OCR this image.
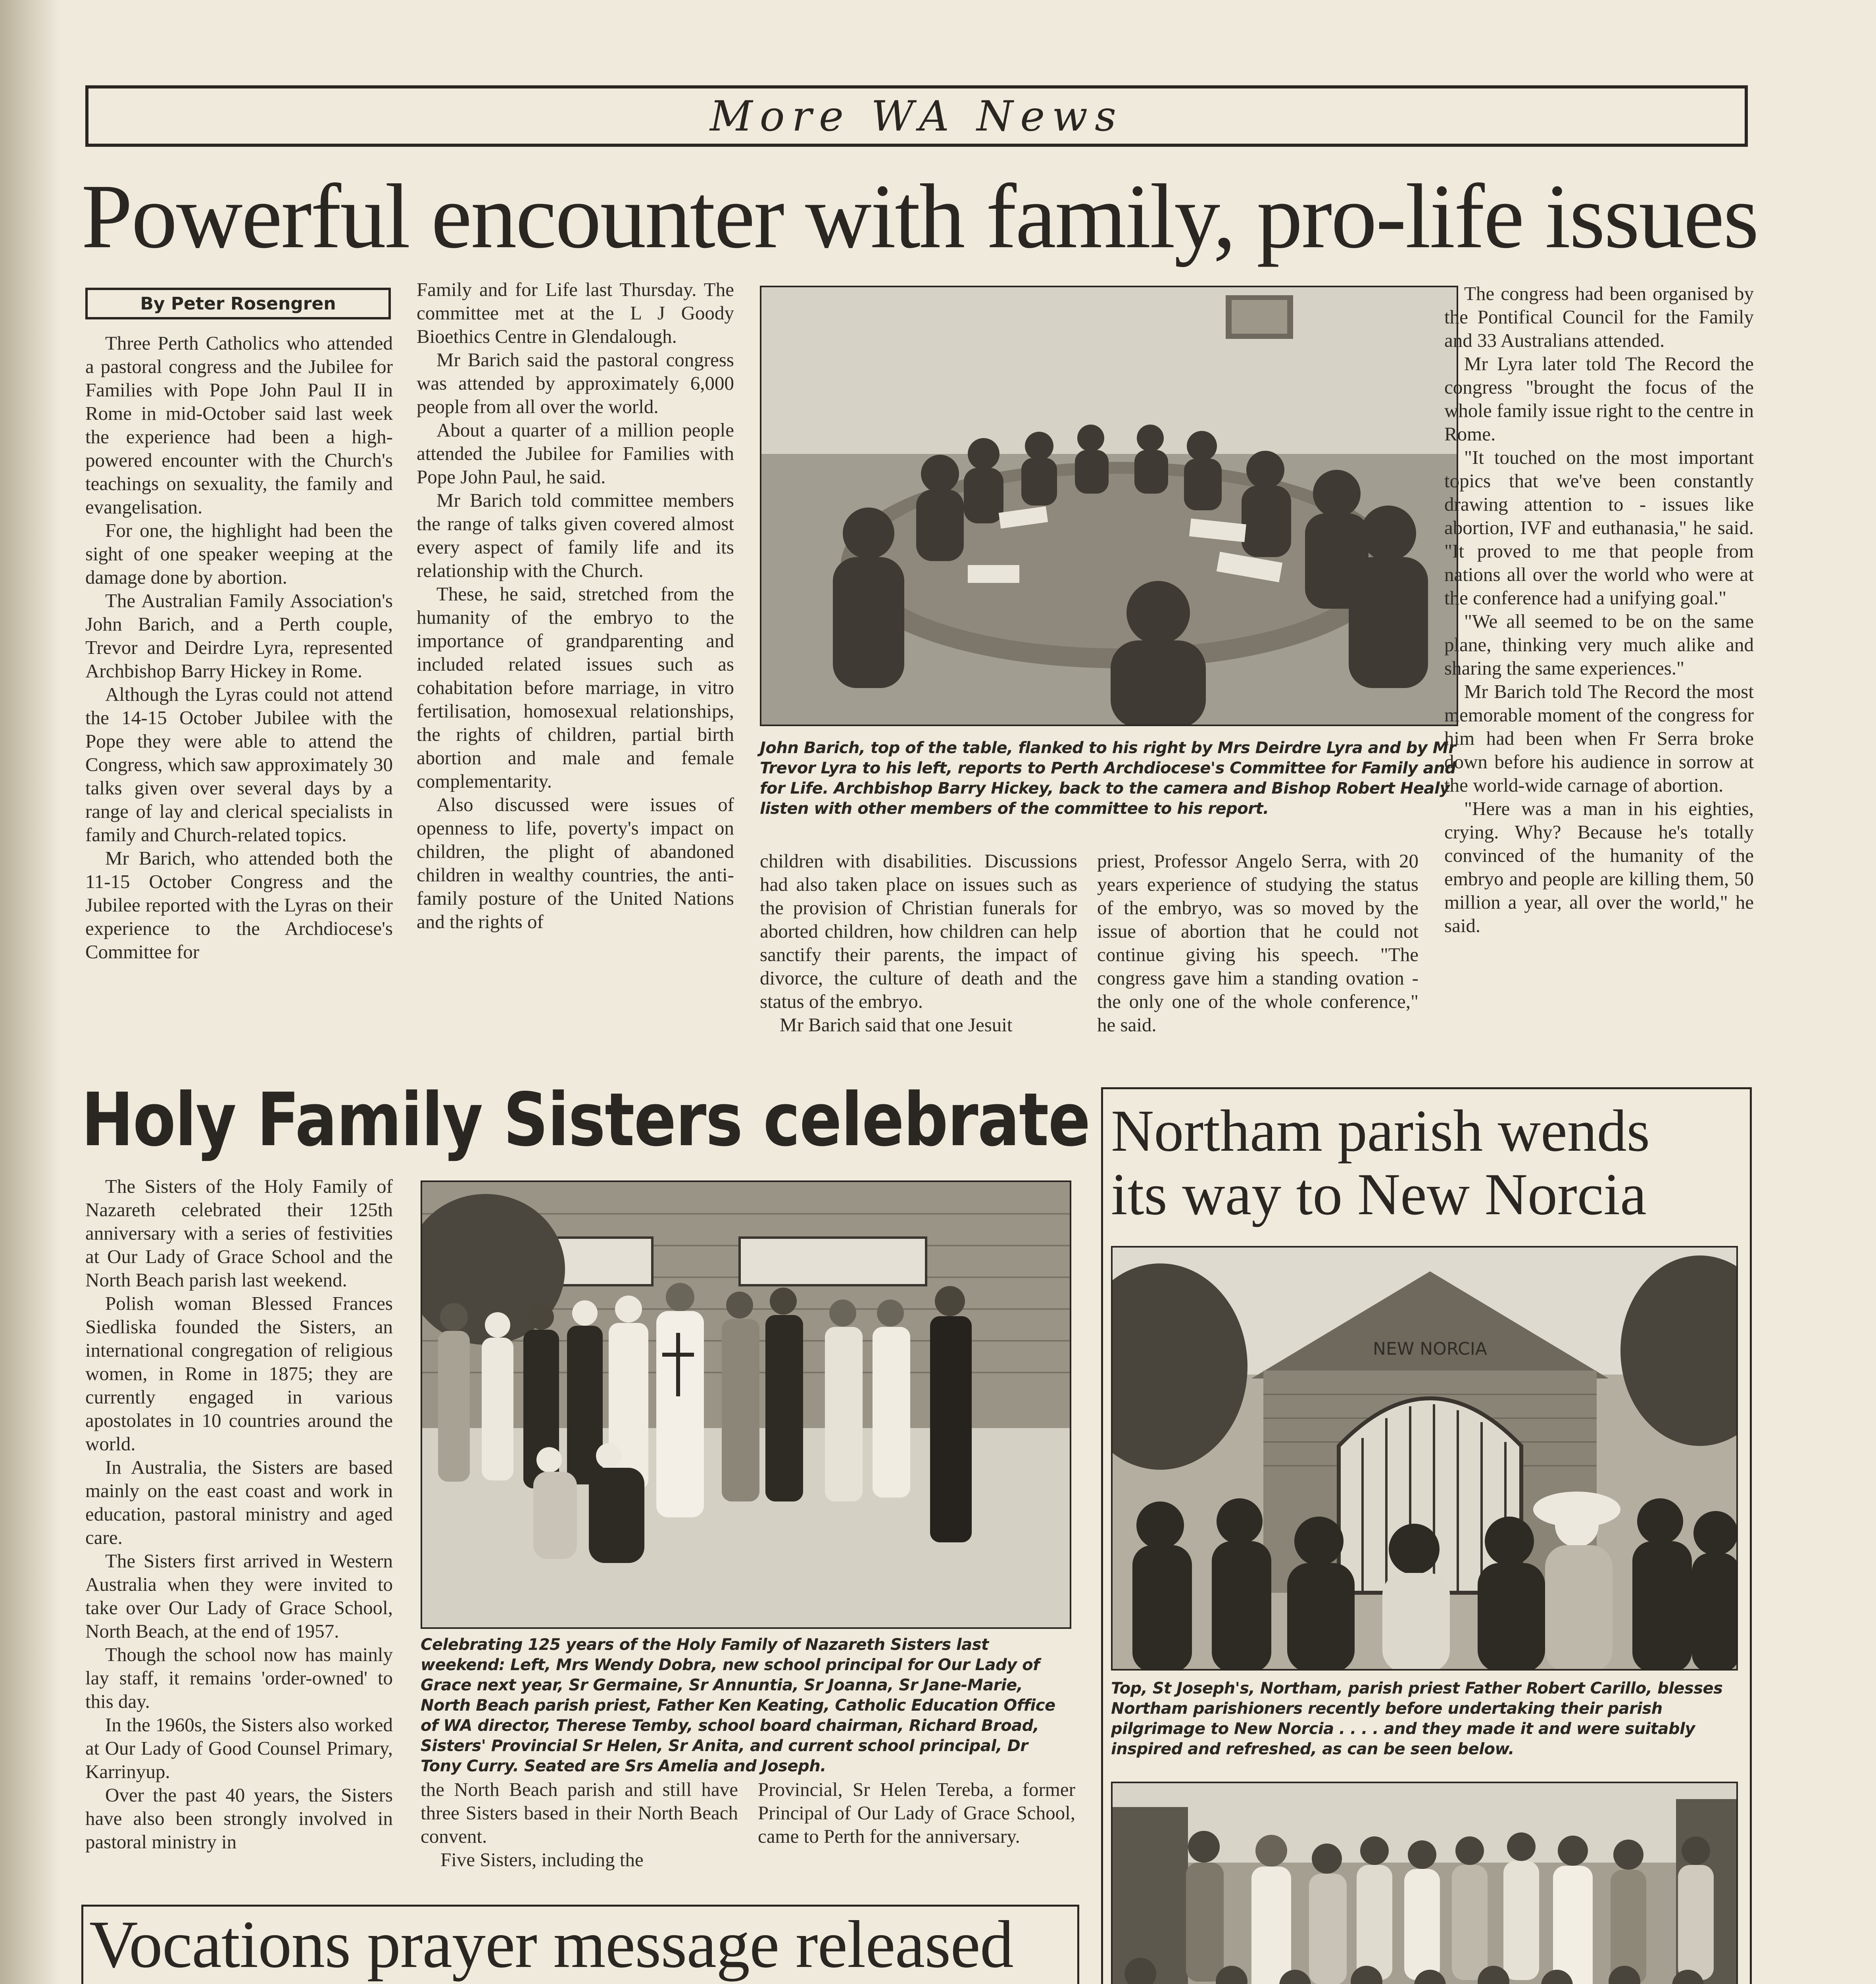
More WA News
Powerful encounter with family, pro-life issues
By Peter Rosengren

Three Perth Catholics who attended a pastoral congress and the Jubilee for Families with Pope John Paul II in Rome in mid-October said last week the experience had been a high-powered encounter with the Church's teachings on sexuality, the family and evangelisation.

For one, the highlight had been the sight of one speaker weeping at the damage done by abortion.

The Australian Family Association's John Barich, and a Perth couple, Trevor and Deirdre Lyra, represented Archbishop Barry Hickey in Rome.

Although the Lyras could not attend the 14-15 October Jubilee with the Pope they were able to attend the Congress, which saw approximately 30 talks given over several days by a range of lay and clerical specialists in family and Church-related topics.

Mr Barich, who attended both the 11-15 October Congress and the Jubilee reported with the Lyras on their experience to the Archdiocese's Committee for

Family and for Life last Thursday. The committee met at the L J Goody Bioethics Centre in Glendalough.

Mr Barich said the pastoral congress was attended by approximately 6,000 people from all over the world.

About a quarter of a million people attended the Jubilee for Families with Pope John Paul, he said.

Mr Barich told committee members the range of talks given covered almost every aspect of family life and its relationship with the Church.

These, he said, stretched from the humanity of the embryo to the importance of grandparenting and included related issues such as cohabitation before marriage, in vitro fertilisation, homosexual relationships, the rights of children, partial birth abortion and male and female complementarity.

Also discussed were issues of openness to life, poverty's impact on children, the plight of abandoned children in wealthy countries, the anti-family posture of the United Nations and the rights of

John Barich, top of the table, flanked to his right by Mrs Deirdre Lyra and by Mr Trevor Lyra to his left, reports to Perth Archdiocese's Committee for Family and for Life. Archbishop Barry Hickey, back to the camera and Bishop Robert Healy listen with other members of the committee to his report.

children with disabilities. Discussions had also taken place on issues such as the provision of Christian funerals for aborted children, how children can help sanctify their parents, the impact of divorce, the culture of death and the status of the embryo.

Mr Barich said that one Jesuit

priest, Professor Angelo Serra, with 20 years experience of studying the status of the embryo, was so moved by the issue of abortion that he could not continue giving his speech. "The congress gave him a standing ovation - the only one of the whole conference," he said.

The congress had been organised by the Pontifical Council for the Family and 33 Australians attended.

Mr Lyra later told The Record the congress "brought the focus of the whole family issue right to the centre in Rome.

"It touched on the most important topics that we've been constantly drawing attention to - issues like abortion, IVF and euthanasia," he said. "It proved to me that people from nations all over the world who were at the conference had a unifying goal."

"We all seemed to be on the same plane, thinking very much alike and sharing the same experiences."

Mr Barich told The Record the most memorable moment of the congress for him had been when Fr Serra broke down before his audience in sorrow at the world-wide carnage of abortion.

"Here was a man in his eighties, crying. Why? Because he's totally convinced of the humanity of the embryo and people are killing them, 50 million a year, all over the world," he said.

Holy Family Sisters celebrate

The Sisters of the Holy Family of Nazareth celebrated their 125th anniversary with a series of festivities at Our Lady of Grace School and the North Beach parish last weekend.

Polish woman Blessed Frances Siedliska founded the Sisters, an international congregation of religious women, in Rome in 1875; they are currently engaged in various apostolates in 10 countries around the world.

In Australia, the Sisters are based mainly on the east coast and work in education, pastoral ministry and aged care.

The Sisters first arrived in Western Australia when they were invited to take over Our Lady of Grace School, North Beach, at the end of 1957.

Though the school now has mainly lay staff, it remains 'order-owned' to this day.

In the 1960s, the Sisters also worked at Our Lady of Good Counsel Primary, Karrinyup.

Over the past 40 years, the Sisters have also been strongly involved in pastoral ministry in

Celebrating 125 years of the Holy Family of Nazareth Sisters last weekend: Left, Mrs Wendy Dobra, new school principal for Our Lady of Grace next year, Sr Germaine, Sr Annuntia, Sr Joanna, Sr Jane-Marie, North Beach parish priest, Father Ken Keating, Catholic Education Office of WA director, Therese Temby, school board chairman, Richard Broad, Sisters' Provincial Sr Helen, Sr Anita, and current school principal, Dr Tony Curry. Seated are Srs Amelia and Joseph.

the North Beach parish and still have three Sisters based in their North Beach convent.

Five Sisters, including the

Provincial, Sr Helen Tereba, a former Principal of Our Lady of Grace School, came to Perth for the anniversary.

Northam parish wends
its way to New Norcia
NEW NORCIA
Top, St Joseph's, Northam, parish priest Father Robert Carillo, blesses Northam parishioners recently before undertaking their parish pilgrimage to New Norcia . . . . and they made it and were suitably inspired and refreshed, as can be seen below.
Vocations prayer message released
